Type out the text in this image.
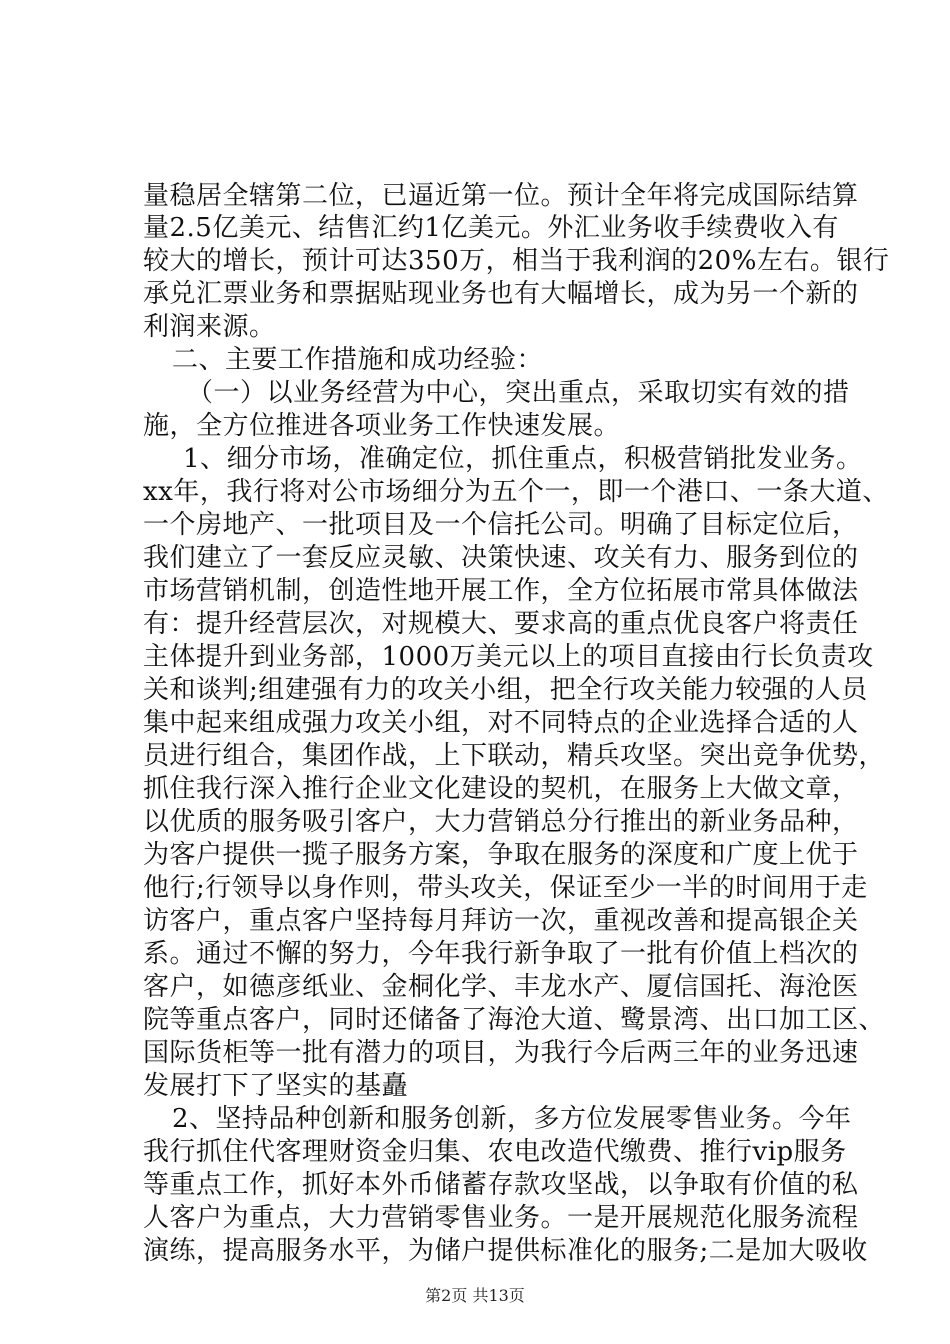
量稳居全辖第二位，已逼近第一位。预计全年将完成国际结算
量2.5亿美元、结售汇约1亿美元。外汇业务收手续费收入有
较大的增长，预计可达350万，相当于我利润的20%左右。银行
承兑汇票业务和票据贴现业务也有大幅增长，成为另一个新的
利润来源。
二、主要工作措施和成功经验：
（一）以业务经营为中心，突出重点，采取切实有效的措
施，全方位推进各项业务工作快速发展。
1、细分市场，准确定位，抓住重点，积极营销批发业务。
xx年，我行将对公市场细分为五个一，即一个港口、一条大道、
一个房地产、一批项目及一个信托公司。明确了目标定位后，
我们建立了一套反应灵敏、决策快速、攻关有力、服务到位的
市场营销机制，创造性地开展工作，全方位拓展市常具体做法
有：提升经营层次，对规模大、要求高的重点优良客户将责任
主体提升到业务部，1000万美元以上的项目直接由行长负责攻
关和谈判;组建强有力的攻关小组，把全行攻关能力较强的人员
集中起来组成强力攻关小组，对不同特点的企业选择合适的人
员进行组合，集团作战，上下联动，精兵攻坚。突出竞争优势，
抓住我行深入推行企业文化建设的契机，在服务上大做文章，
以优质的服务吸引客户，大力营销总分行推出的新业务品种，
为客户提供一揽子服务方案，争取在服务的深度和广度上优于
他行;行领导以身作则，带头攻关，保证至少一半的时间用于走
访客户，重点客户坚持每月拜访一次，重视改善和提高银企关
系。通过不懈的努力，今年我行新争取了一批有价值上档次的
客户，如德彦纸业、金桐化学、丰龙水产、厦信国托、海沧医
院等重点客户，同时还储备了海沧大道、鹭景湾、出口加工区、
国际货柜等一批有潜力的项目，为我行今后两三年的业务迅速
发展打下了坚实的基矗
2、坚持品种创新和服务创新，多方位发展零售业务。今年
我行抓住代客理财资金归集、农电改造代缴费、推行vip服务
等重点工作，抓好本外币储蓄存款攻坚战，以争取有价值的私
人客户为重点，大力营销零售业务。一是开展规范化服务流程
演练，提高服务水平，为储户提供标准化的服务;二是加大吸收
第2页 共13页
